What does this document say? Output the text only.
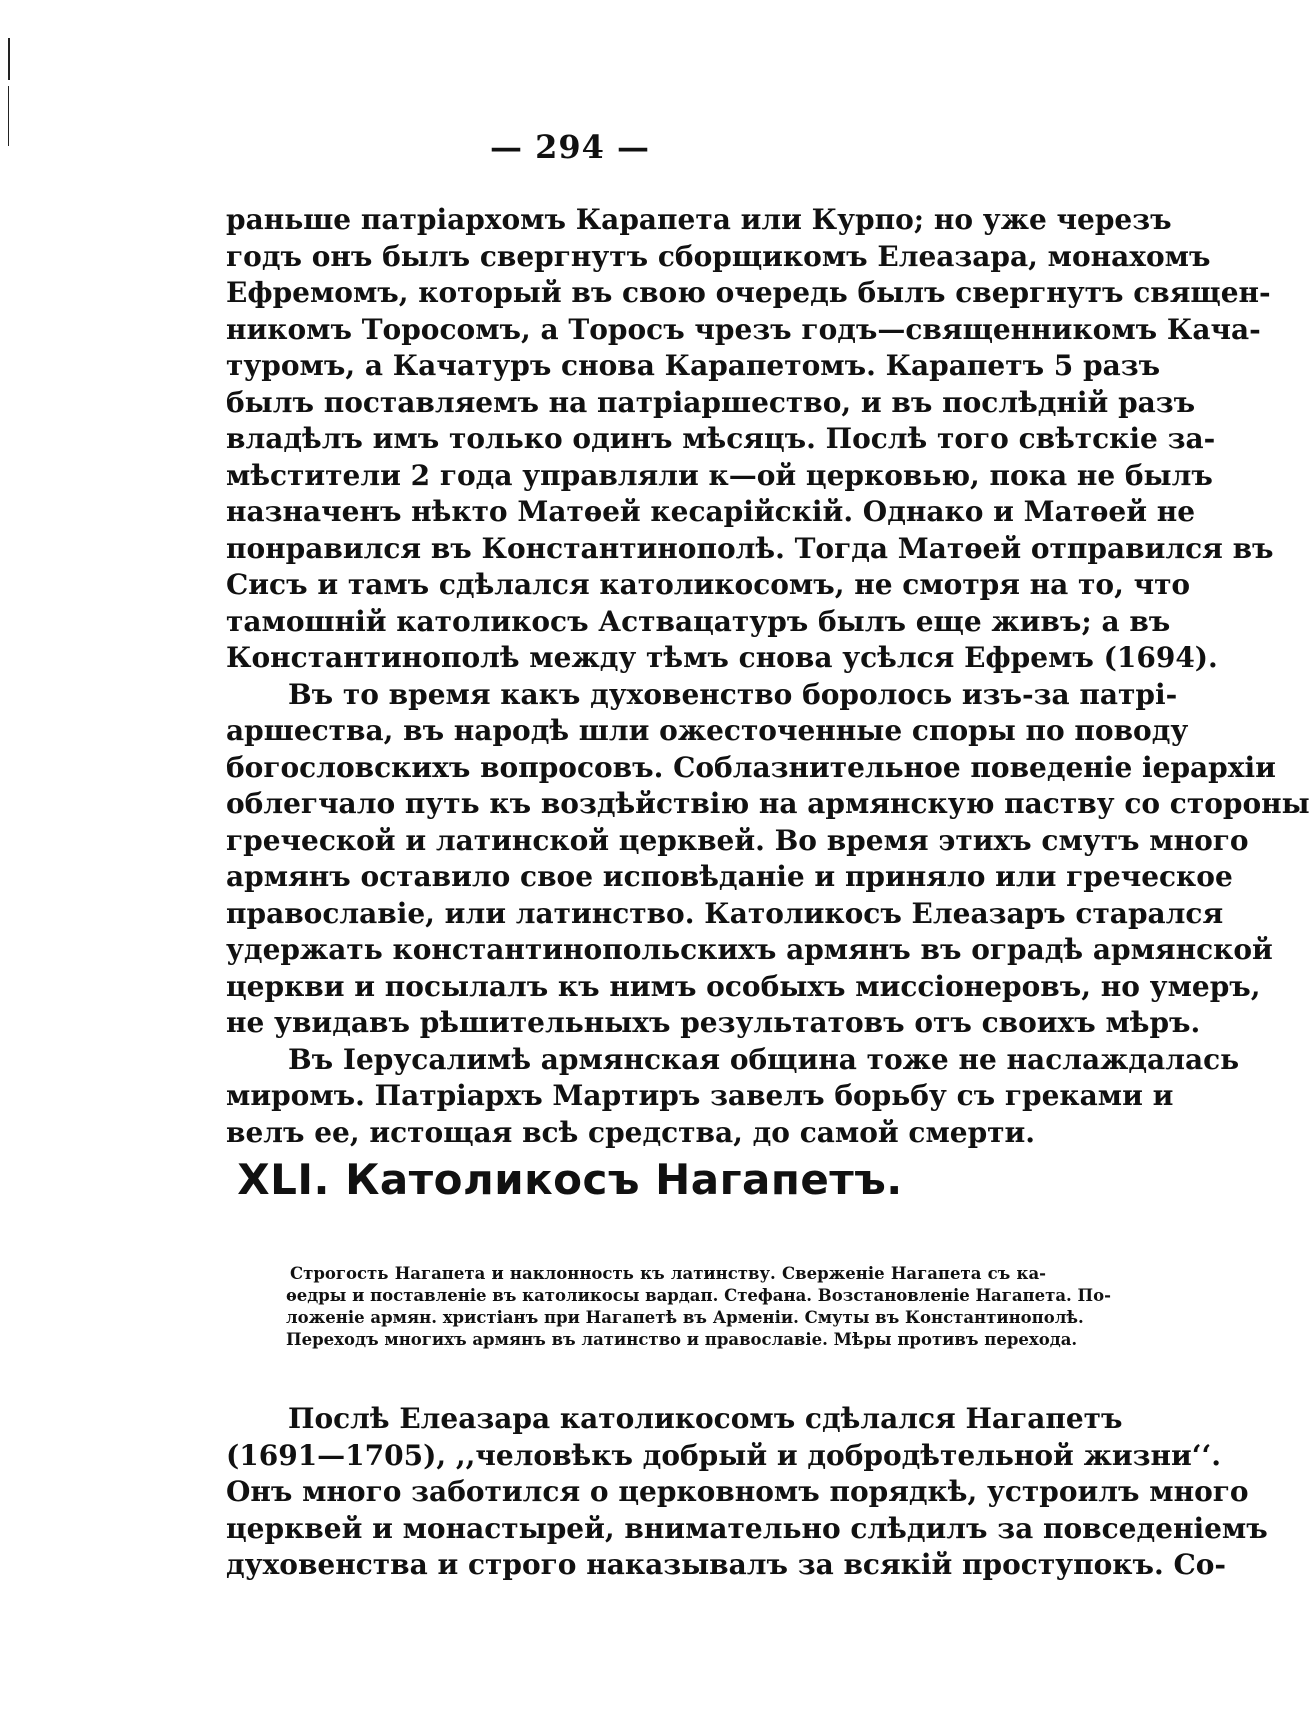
— 294 —
раньше патріархомъ Карапета или Курпо; но уже черезъ
годъ онъ былъ свергнутъ сборщикомъ Елеазара, монахомъ
Ефремомъ, который въ свою очередь былъ свергнутъ священ-
никомъ Торосомъ, а Торосъ чрезъ годъ—священникомъ Кача-
туромъ, а Качатуръ снова Карапетомъ. Карапетъ 5 разъ
былъ поставляемъ на патріаршество, и въ послѣдній разъ
владѣлъ имъ только одинъ мѣсяцъ. Послѣ того свѣтскіе за-
мѣстители 2 года управляли к—ой церковью, пока не былъ
назначенъ нѣкто Матѳей кесарійскій. Однако и Матѳей не
понравился въ Константинополѣ. Тогда Матѳей отправился въ
Сисъ и тамъ сдѣлался католикосомъ, не смотря на то, что
тамошній католикосъ Аствацатуръ былъ еще живъ; а въ
Константинополѣ между тѣмъ снова усѣлся Ефремъ (1694).
Въ то время какъ духовенство боролось изъ-за патрі-
аршества, въ народѣ шли ожесточенные споры по поводу
богословскихъ вопросовъ. Соблазнительное поведеніе іерархіи
облегчало путь къ воздѣйствію на армянскую паству со стороны
греческой и латинской церквей. Во время этихъ смутъ много
армянъ оставило свое исповѣданіе и приняло или греческое
православіе, или латинство. Католикосъ Елеазаръ старался
удержать константинопольскихъ армянъ въ оградѣ армянской
церкви и посылалъ къ нимъ особыхъ миссіонеровъ, но умеръ,
не увидавъ рѣшительныхъ результатовъ отъ своихъ мѣръ.
Въ Іерусалимѣ армянская община тоже не наслаждалась
миромъ. Патріархъ Мартиръ завелъ борьбу съ греками и
велъ ее, истощая всѣ средства, до самой смерти.
XLI. Католикосъ Нагапетъ.
Строгость Нагапета и наклонность къ латинству. Свержeніе Нагапета съ ка-
ѳедры и поставленіе въ католикосы вардап. Стефана. Возстановленіе Нагапета. По-
ложеніе армян. христіанъ при Нагапетѣ въ Арменіи. Смуты въ Константинополѣ.
Переходъ многихъ армянъ въ латинство и православіе. Мѣры противъ перехода.
Послѣ Елеазара католикосомъ сдѣлался Нагапетъ
(1691—1705), ,,человѣкъ добрый и добродѣтельной жизни‘‘.
Онъ много заботился о церковномъ порядкѣ, устроилъ много
церквей и монастырей, внимательно слѣдилъ за повседеніемъ
духовенства и строго наказывалъ за всякій проступокъ. Со-
